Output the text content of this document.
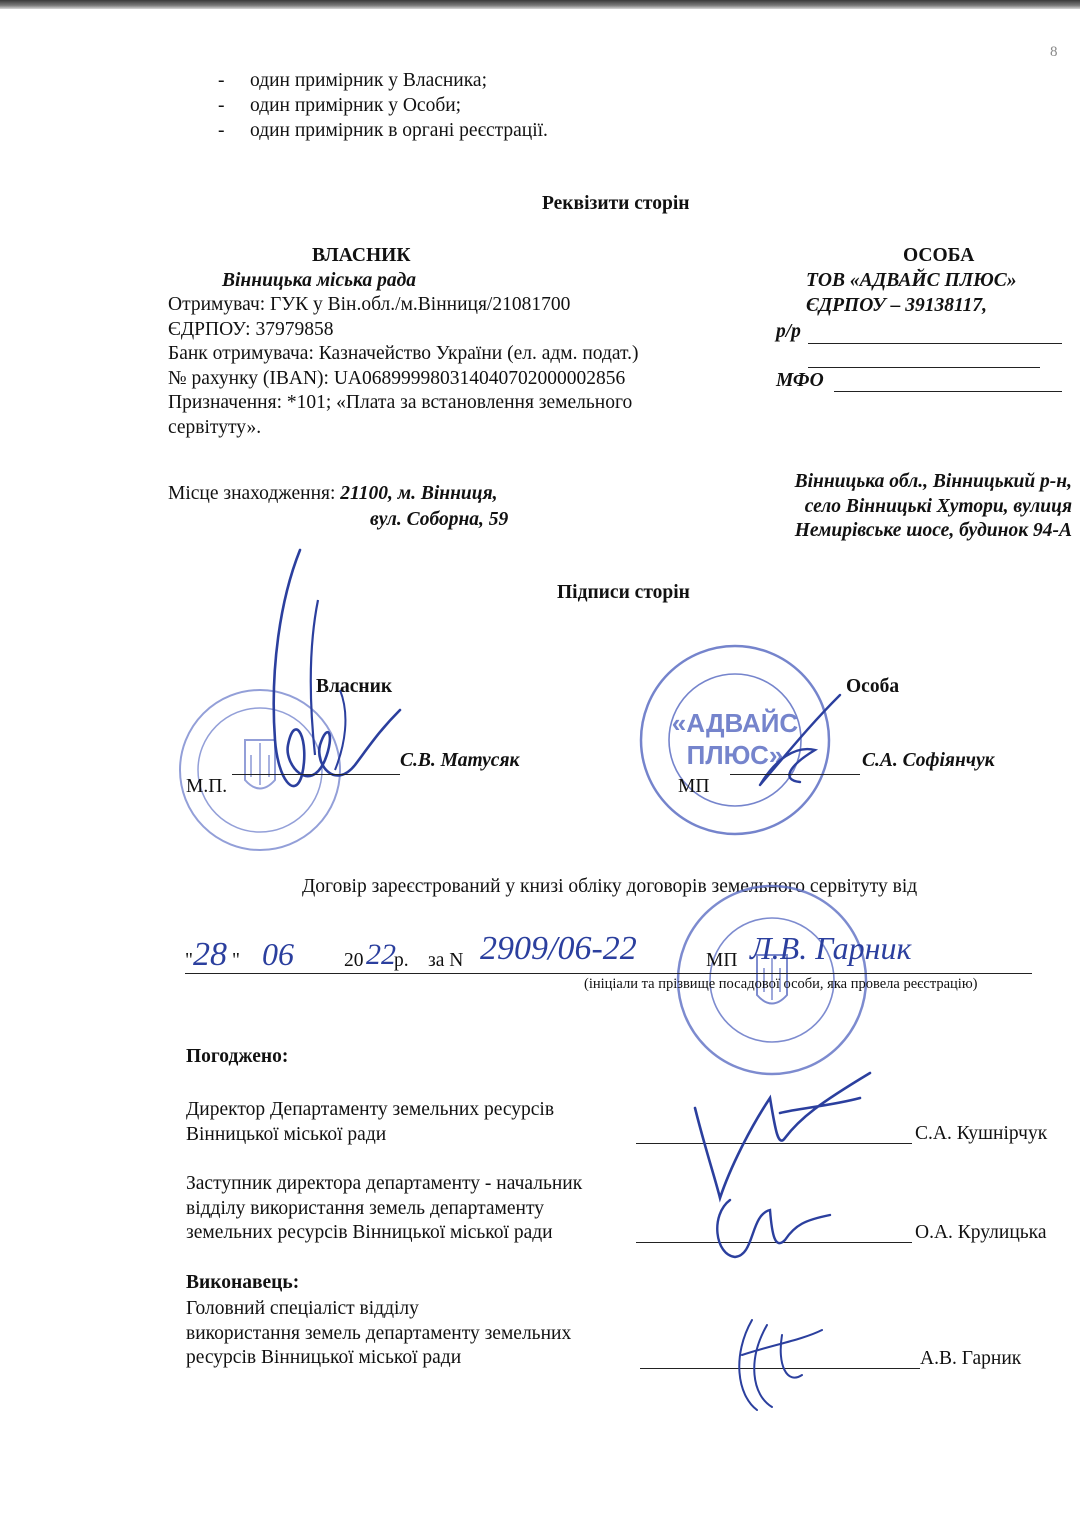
8
- один примірник у Власника;
- один примірник у Особи;
- один примірник в органі реєстрації.
Реквізити сторін
ВЛАСНИК
Вінницька міська рада
Отримувач: ГУК у Він.обл./м.Вінниця/21081700
ЄДРПОУ: 37979858
Банк отримувача: Казначейство України (ел. адм. подат.)
№ рахунку (IBAN): UA068999980314040702000002856
Призначення: *101; «Плата за встановлення земельного
сервітуту».
Місце знаходження: 21100, м. Вінниця,
вул. Соборна, 59
ОСОБА
ТОВ «АДВАЙС ПЛЮС»
ЄДРПОУ – 39138117,
р/р
МФО
Вінницька обл., Вінницький р-н,
село Вінницькі Хутори, вулиця
Немирівське шосе, будинок 94-А
Підписи сторін
Власник
С.В. Матусяк
М.П.
«АДВАЙС
ПЛЮС»
Особа
С.А. Софіянчук
МП
Договір зареєстрований у книзі обліку договорів земельного сервітуту від
" 28 " 06	20 22
р. за N 2909/06-22	МП Л.В. Гарник
(ініціали та прізвище посадової особи, яка провела реєстрацію)
Погоджено:
Директор Департаменту земельних ресурсів
Вінницької міської ради	С.А. Кушнірчук
Заступник директора департаменту - начальник
відділу використання земель департаменту
земельних ресурсів Вінницької міської ради	О.А. Крулицька
Виконавець:
Головний спеціаліст відділу
використання земель департаменту земельних
ресурсів Вінницької міської ради	А.В. Гарник
